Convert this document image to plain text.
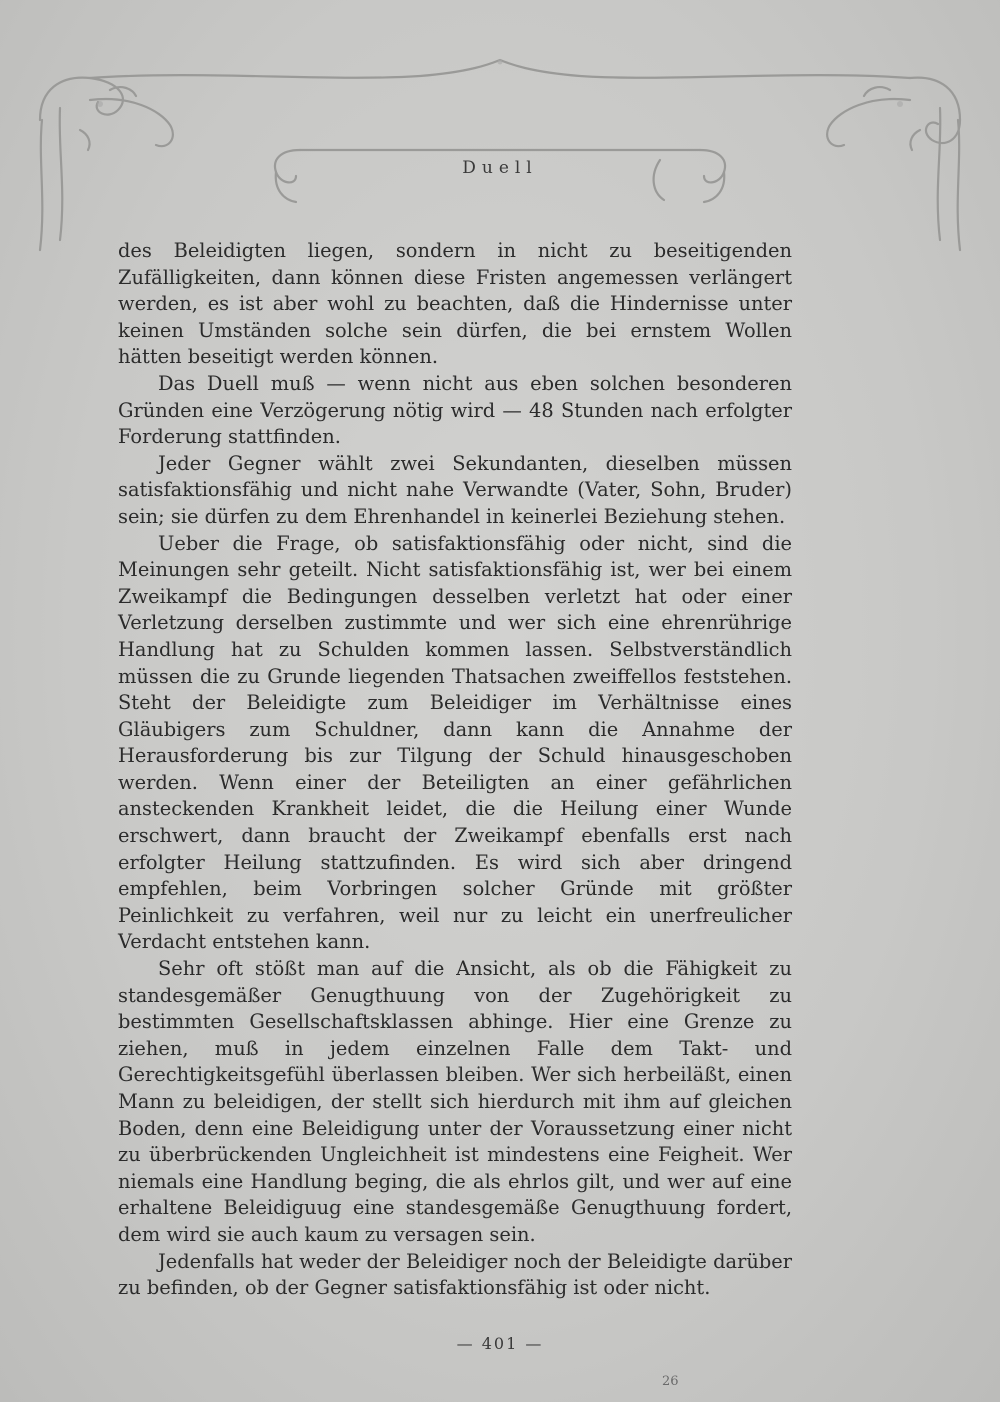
Duell

des Beleidigten liegen, sondern in nicht zu beseitigenden Zufälligkeiten, dann können diese Fristen angemessen verlängert werden, es ist aber wohl zu beachten, daß die Hindernisse unter keinen Umständen solche sein dürfen, die bei ernstem Wollen hätten beseitigt werden können.

Das Duell muß — wenn nicht aus eben solchen besonderen Gründen eine Verzögerung nötig wird — 48 Stunden nach erfolgter Forderung stattfinden.

Jeder Gegner wählt zwei Sekundanten, dieselben müssen satisfaktionsfähig und nicht nahe Verwandte (Vater, Sohn, Bruder) sein; sie dürfen zu dem Ehrenhandel in keinerlei Beziehung stehen.

Ueber die Frage, ob satisfaktionsfähig oder nicht, sind die Meinungen sehr geteilt. Nicht satisfaktionsfähig ist, wer bei einem Zweikampf die Bedingungen desselben verletzt hat oder einer Verletzung derselben zustimmte und wer sich eine ehrenrührige Handlung hat zu Schulden kommen lassen. Selbstverständlich müssen die zu Grunde liegenden Thatsachen zweiffellos feststehen. Steht der Beleidigte zum Beleidiger im Verhältnisse eines Gläubigers zum Schuldner, dann kann die Annahme der Herausforderung bis zur Tilgung der Schuld hinausgeschoben werden. Wenn einer der Beteiligten an einer gefährlichen ansteckenden Krankheit leidet, die die Heilung einer Wunde erschwert, dann braucht der Zweikampf ebenfalls erst nach erfolgter Heilung stattzufinden. Es wird sich aber dringend empfehlen, beim Vorbringen solcher Gründe mit größter Peinlichkeit zu verfahren, weil nur zu leicht ein unerfreulicher Verdacht entstehen kann.

Sehr oft stößt man auf die Ansicht, als ob die Fähigkeit zu standesgemäßer Genugthuung von der Zugehörigkeit zu bestimmten Gesellschaftsklassen abhinge. Hier eine Grenze zu ziehen, muß in jedem einzelnen Falle dem Takt- und Gerechtigkeitsgefühl überlassen bleiben. Wer sich herbeiläßt, einen Mann zu beleidigen, der stellt sich hierdurch mit ihm auf gleichen Boden, denn eine Beleidigung unter der Voraussetzung einer nicht zu überbrückenden Ungleichheit ist mindestens eine Feigheit. Wer niemals eine Handlung beging, die als ehrlos gilt, und wer auf eine erhaltene Beleidiguug eine standesgemäße Genugthuung fordert, dem wird sie auch kaum zu versagen sein.

Jedenfalls hat weder der Beleidiger noch der Beleidigte darüber zu befinden, ob der Gegner satisfaktionsfähig ist oder nicht.

— 401 —
26
